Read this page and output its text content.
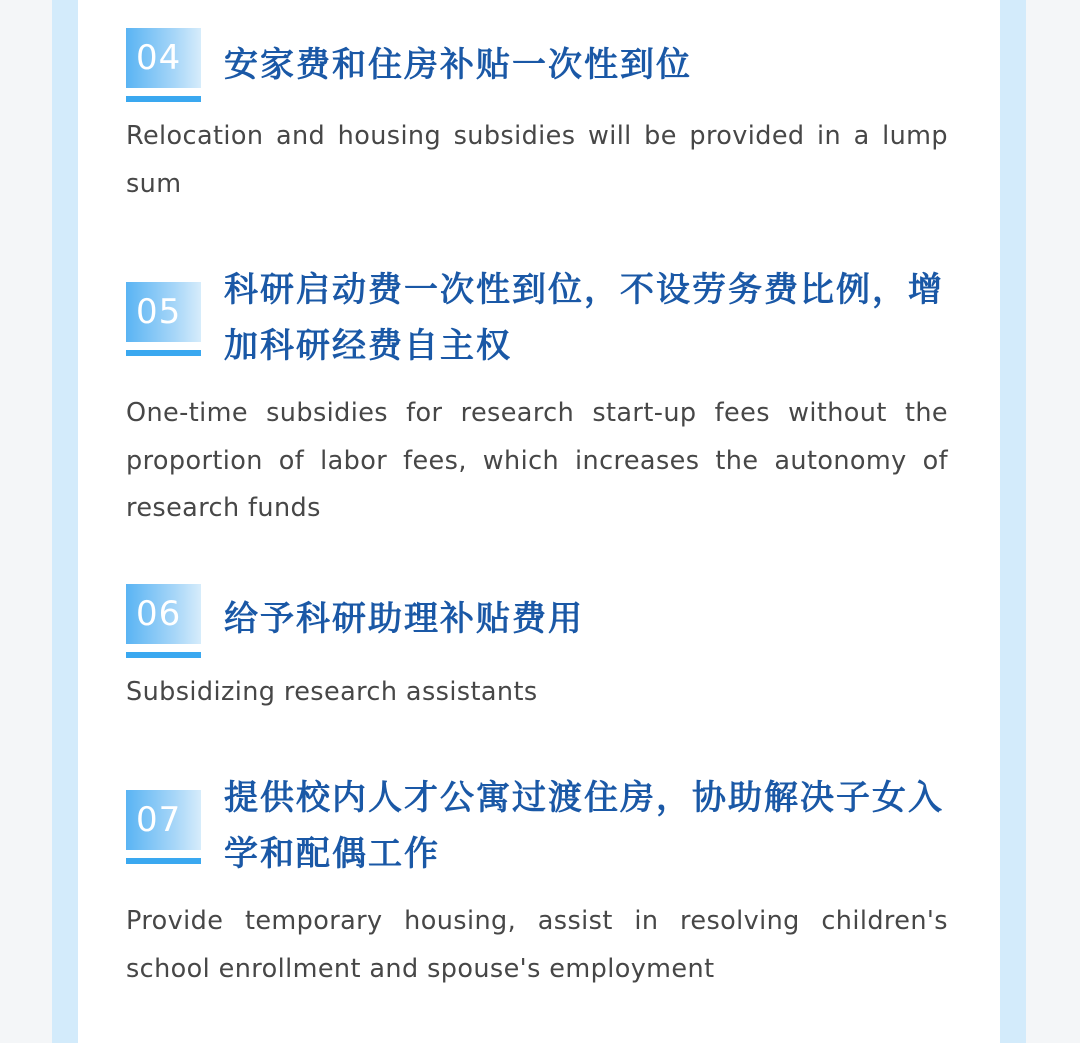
04	安家费和住房补贴一次性到位
Relocation and housing subsidies will be provided in a lump sum
05
科研启动费一次性到位，不设劳务费比例，增加科研经费自主权
One-time subsidies for research start-up fees without the proportion of labor fees, which increases the autonomy of research funds
06	给予科研助理补贴费用
Subsidizing research assistants
07
提供校内人才公寓过渡住房，协助解决子女入学和配偶工作
Provide temporary housing, assist in resolving children's school enrollment and spouse's employment
